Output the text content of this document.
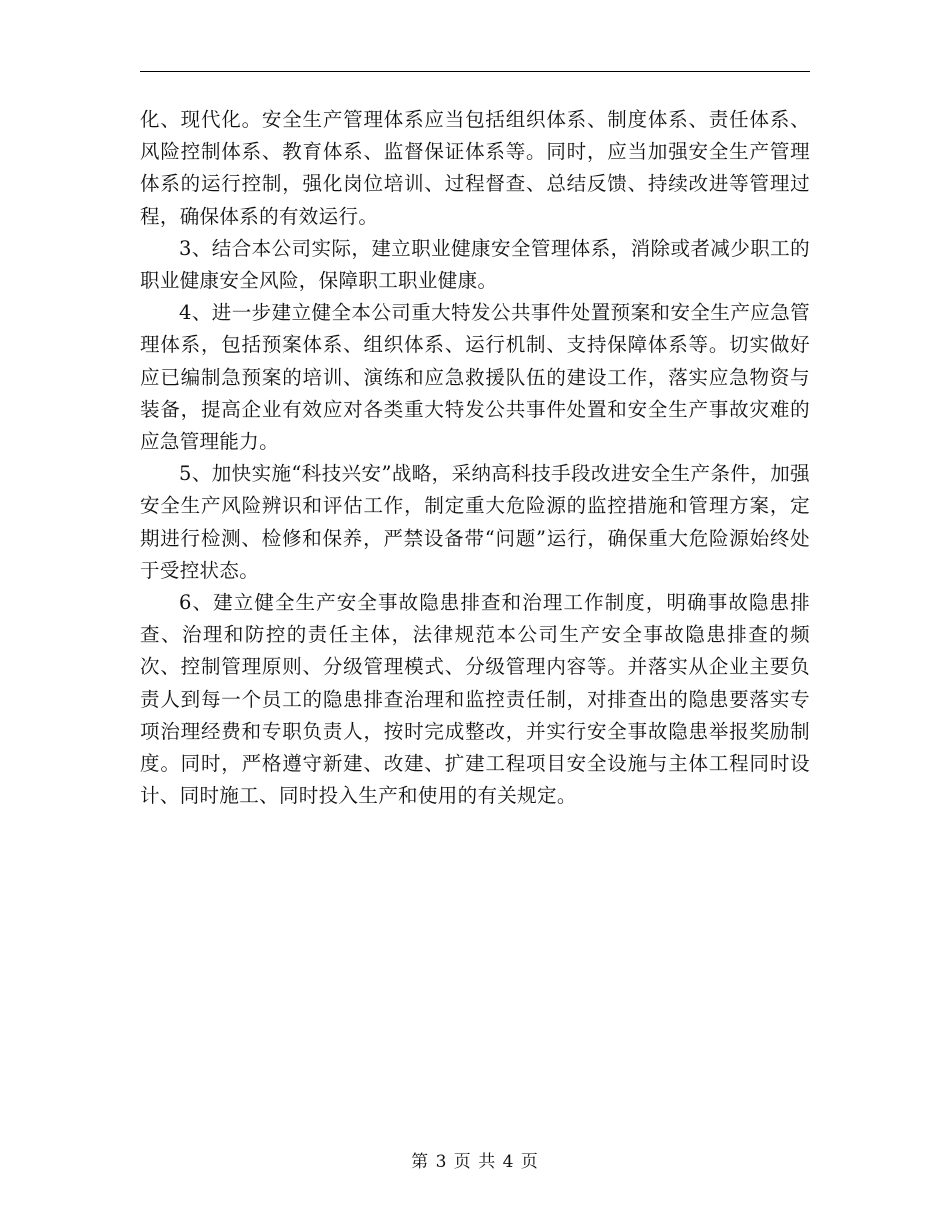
化、现代化。安全生产管理体系应当包括组织体系、制度体系、责任体系、风险控制体系、教育体系、监督保证体系等。同时，应当加强安全生产管理体系的运行控制，强化岗位培训、过程督查、总结反馈、持续改进等管理过程，确保体系的有效运行。

3、结合本公司实际，建立职业健康安全管理体系，消除或者减少职工的职业健康安全风险，保障职工职业健康。

4、进一步建立健全本公司重大特发公共事件处置预案和安全生产应急管理体系，包括预案体系、组织体系、运行机制、支持保障体系等。切实做好应已编制急预案的培训、演练和应急救援队伍的建设工作，落实应急物资与装备，提高企业有效应对各类重大特发公共事件处置和安全生产事故灾难的应急管理能力。

5、加快实施“科技兴安”战略，采纳高科技手段改进安全生产条件，加强安全生产风险辨识和评估工作，制定重大危险源的监控措施和管理方案，定期进行检测、检修和保养，严禁设备带“问题”运行，确保重大危险源始终处于受控状态。

6、建立健全生产安全事故隐患排查和治理工作制度，明确事故隐患排查、治理和防控的责任主体，法律规范本公司生产安全事故隐患排查的频次、控制管理原则、分级管理模式、分级管理内容等。并落实从企业主要负责人到每一个员工的隐患排查治理和监控责任制，对排查出的隐患要落实专项治理经费和专职负责人，按时完成整改，并实行安全事故隐患举报奖励制度。同时，严格遵守新建、改建、扩建工程项目安全设施与主体工程同时设计、同时施工、同时投入生产和使用的有关规定。

第 3 页 共 4 页
